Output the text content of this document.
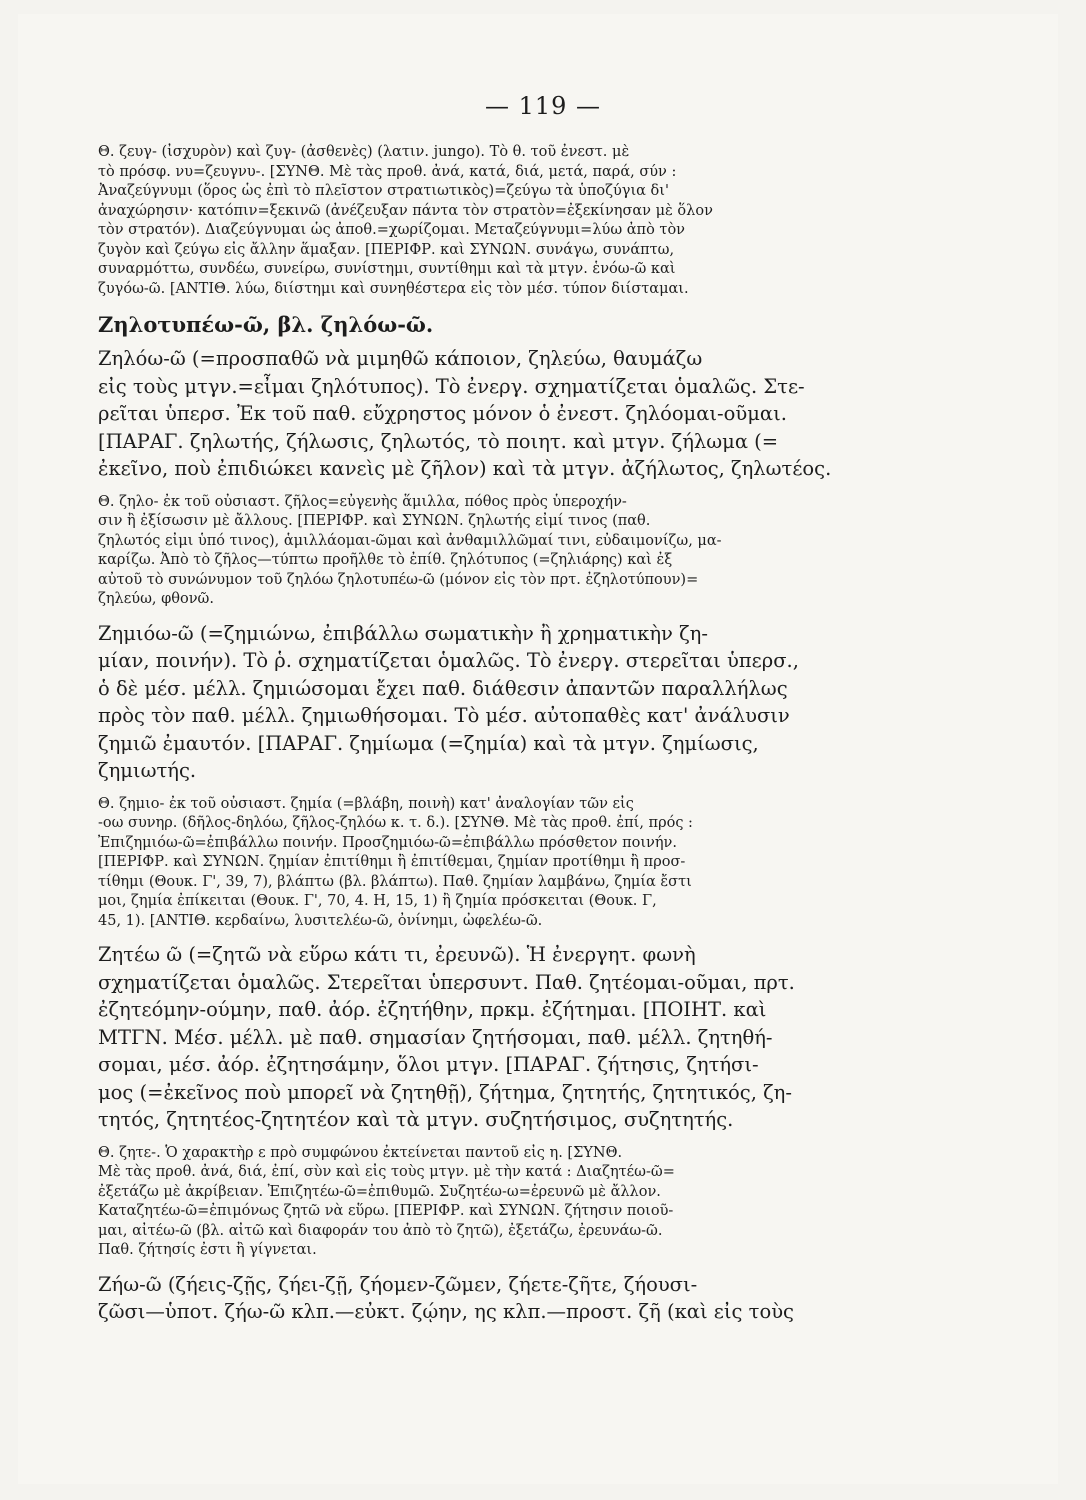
— 119 —
Θ. ζευγ- (ἰσχυρὸν) καὶ ζυγ- (ἀσθενὲς) (λατιν. jungo). Τὸ θ. τοῦ ἐνεστ. μὲ
τὸ πρόσφ. νυ=ζευγνυ-. [ΣΥΝΘ. Μὲ τὰς προθ. ἀνά, κατά, διά, μετά, παρά, σύν :
Ἀναζεύγνυμι (ὅρος ὡς ἐπὶ τὸ πλεῖστον στρατιωτικὸς)=ζεύγω τὰ ὑποζύγια δι'
ἀναχώρησιν· κατόπιν=ξεκινῶ (ἀνέζευξαν πάντα τὸν στρατὸν=ἐξεκίνησαν μὲ ὅλον
τὸν στρατόν). Διαζεύγνυμαι ὡς ἀποθ.=χωρίζομαι. Μεταζεύγνυμι=λύω ἀπὸ τὸν
ζυγὸν καὶ ζεύγω εἰς ἄλλην ἅμαξαν. [ΠΕΡΙΦΡ. καὶ ΣΥΝΩΝ. συνάγω, συνάπτω,
συναρμόττω, συνδέω, συνείρω, συνίστημι, συντίθημι καὶ τὰ μτγν. ἑνόω-ῶ καὶ
ζυγόω-ῶ. [ΑΝΤΙΘ. λύω, διίστημι καὶ συνηθέστερα εἰς τὸν μέσ. τύπον διίσταμαι.
Ζηλοτυπέω-ῶ, βλ. ζηλόω-ῶ.
Ζηλόω-ῶ (=προσπαθῶ νὰ μιμηθῶ κάποιον, ζηλεύω, θαυμάζω
εἰς τοὺς μτγν.=εἶμαι ζηλότυπος). Τὸ ἐνεργ. σχηματίζεται ὁμαλῶς. Στε-
ρεῖται ὑπερσ. Ἐκ τοῦ παθ. εὔχρηστος μόνον ὁ ἐνεστ. ζηλόομαι-οῦμαι.
[ΠΑΡΑΓ. ζηλωτής, ζήλωσις, ζηλωτός, τὸ ποιητ. καὶ μτγν. ζήλωμα (=
ἐκεῖνο, ποὺ ἐπιδιώκει κανεὶς μὲ ζῆλον) καὶ τὰ μτγν. ἀζήλωτος, ζηλωτέος.
Θ. ζηλο- ἐκ τοῦ οὐσιαστ. ζῆλος=εὐγενὴς ἅμιλλα, πόθος πρὸς ὑπεροχήν-
σιν ἢ ἐξίσωσιν μὲ ἄλλους. [ΠΕΡΙΦΡ. καὶ ΣΥΝΩΝ. ζηλωτής εἰμί τινος (παθ.
ζηλωτός εἰμι ὑπό τινος), ἁμιλλάομαι-ῶμαι καὶ ἀνθαμιλλῶμαί τινι, εὐδαιμονίζω, μα-
καρίζω. Ἀπὸ τὸ ζῆλος—τύπτω προῆλθε τὸ ἐπίθ. ζηλότυπος (=ζηλιάρης) καὶ ἐξ
αὐτοῦ τὸ συνώνυμον τοῦ ζηλόω ζηλοτυπέω-ῶ (μόνον εἰς τὸν πρτ. ἐζηλοτύπουν)=
ζηλεύω, φθονῶ.
Ζημιόω-ῶ (=ζημιώνω, ἐπιβάλλω σωματικὴν ἢ χρηματικὴν ζη-
μίαν, ποινήν). Τὸ ῥ. σχηματίζεται ὁμαλῶς. Τὸ ἐνεργ. στερεῖται ὑπερσ.,
ὁ δὲ μέσ. μέλλ. ζημιώσομαι ἔχει παθ. διάθεσιν ἀπαντῶν παραλλήλως
πρὸς τὸν παθ. μέλλ. ζημιωθήσομαι. Τὸ μέσ. αὐτοπαθὲς κατ' ἀνάλυσιν
ζημιῶ ἐμαυτόν. [ΠΑΡΑΓ. ζημίωμα (=ζημία) καὶ τὰ μτγν. ζημίωσις,
ζημιωτής.
Θ. ζημιο- ἐκ τοῦ οὐσιαστ. ζημία (=βλάβη, ποινὴ) κατ' ἀναλογίαν τῶν εἰς
-οω συνηρ. (δῆλος-δηλόω, ζῆλος-ζηλόω κ. τ. δ.). [ΣΥΝΘ. Μὲ τὰς προθ. ἐπί, πρός :
Ἐπιζημιόω-ῶ=ἐπιβάλλω ποινήν. Προσζημιόω-ῶ=ἐπιβάλλω πρόσθετον ποινήν.
[ΠΕΡΙΦΡ. καὶ ΣΥΝΩΝ. ζημίαν ἐπιτίθημι ἢ ἐπιτίθεμαι, ζημίαν προτίθημι ἢ προσ-
τίθημι (Θουκ. Γ', 39, 7), βλάπτω (βλ. βλάπτω). Παθ. ζημίαν λαμβάνω, ζημία ἔστι
μοι, ζημία ἐπίκειται (Θουκ. Γ', 70, 4. Η, 15, 1) ἢ ζημία πρόσκειται (Θουκ. Γ,
45, 1). [ΑΝΤΙΘ. κερδαίνω, λυσιτελέω-ῶ, ὀνίνημι, ὠφελέω-ῶ.
Ζητέω ῶ (=ζητῶ νὰ εὕρω κάτι τι, ἐρευνῶ). Ἡ ἐνεργητ. φωνὴ
σχηματίζεται ὁμαλῶς. Στερεῖται ὑπερσυντ. Παθ. ζητέομαι-οῦμαι, πρτ.
ἐζητεόμην-ούμην, παθ. ἀόρ. ἐζητήθην, πρκμ. ἐζήτημαι. [ΠΟΙΗΤ. καὶ
ΜΤΓΝ. Μέσ. μέλλ. μὲ παθ. σημασίαν ζητήσομαι, παθ. μέλλ. ζητηθή-
σομαι, μέσ. ἀόρ. ἐζητησάμην, ὅλοι μτγν. [ΠΑΡΑΓ. ζήτησις, ζητήσι-
μος (=ἐκεῖνος ποὺ μπορεῖ νὰ ζητηθῇ), ζήτημα, ζητητής, ζητητικός, ζη-
τητός, ζητητέος-ζητητέον καὶ τὰ μτγν. συζητήσιμος, συζητητής.
Θ. ζητε-. Ὁ χαρακτὴρ ε πρὸ συμφώνου ἐκτείνεται παντοῦ εἰς η. [ΣΥΝΘ.
Μὲ τὰς προθ. ἀνά, διά, ἐπί, σὺν καὶ εἰς τοὺς μτγν. μὲ τὴν κατά : Διαζητέω-ῶ=
ἐξετάζω μὲ ἀκρίβειαν. Ἐπιζητέω-ῶ=ἐπιθυμῶ. Συζητέω-ω=ἐρευνῶ μὲ ἄλλον.
Καταζητέω-ῶ=ἐπιμόνως ζητῶ νὰ εὕρω. [ΠΕΡΙΦΡ. καὶ ΣΥΝΩΝ. ζήτησιν ποιοῦ-
μαι, αἰτέω-ῶ (βλ. αἰτῶ καὶ διαφοράν του ἀπὸ τὸ ζητῶ), ἐξετάζω, ἐρευνάω-ῶ.
Παθ. ζήτησίς ἐστι ἢ γίγνεται.
Ζήω-ῶ (ζήεις-ζῇς, ζήει-ζῇ, ζήομεν-ζῶμεν, ζήετε-ζῆτε, ζήουσι-
ζῶσι—ὑποτ. ζήω-ῶ κλπ.—εὐκτ. ζῴην, ης κλπ.—προστ. ζῆ (καὶ εἰς τοὺς
